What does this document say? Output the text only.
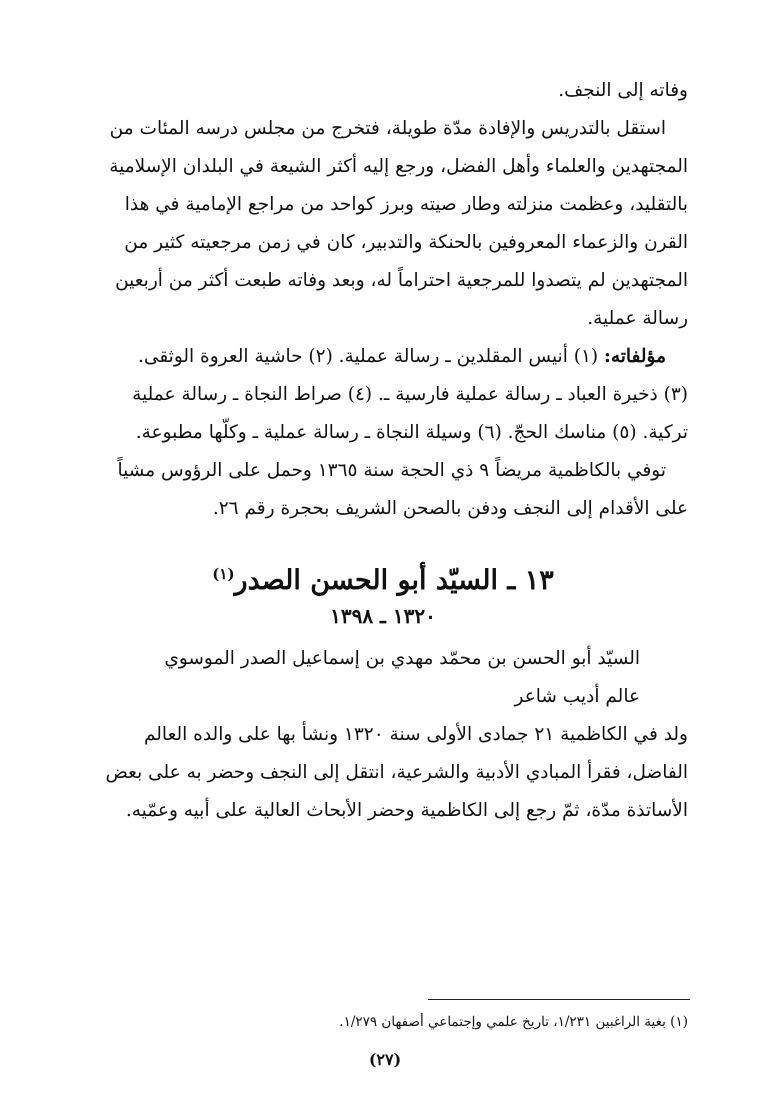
وفاته إلى النجف.
استقل بالتدريس والإفادة مدّة طويلة، فتخرج من مجلس درسه المئات من
المجتهدين والعلماء وأهل الفضل، ورجع إليه أكثر الشيعة في البلدان الإسلامية
بالتقليد، وعظمت منزلته وطار صيته وبرز كواحد من مراجع الإمامية في هذا
القرن والزعماء المعروفين بالحنكة والتدبير، كان في زمن مرجعيته كثير من
المجتهدين لم يتصدوا للمرجعية احتراماً له، وبعد وفاته طبعت أكثر من أربعين
رسالة عملية.
مؤلفاته: (١) أنيس المقلدين ـ رسالة عملية. (٢) حاشية العروة الوثقى.
(٣) ذخيرة العباد ـ رسالة عملية فارسية ـ. (٤) صراط النجاة ـ رسالة عملية
تركية. (٥) مناسك الحجّ. (٦) وسيلة النجاة ـ رسالة عملية ـ وكلّها مطبوعة.
توفي بالكاظمية مريضاً ٩ ذي الحجة سنة ١٣٦٥ وحمل على الرؤوس مشياً
على الأقدام إلى النجف ودفن بالصحن الشريف بحجرة رقم ٢٦.
١٣ ـ السيّد أبو الحسن الصدر$^{(١)}$
١٣٢٠ ـ ١٣٩٨
السيّد أبو الحسن بن محمّد مهدي بن إسماعيل الصدر الموسوي
عالم أديب شاعر
ولد في الكاظمية ٢١ جمادى الأولى سنة ١٣٢٠ ونشأ بها على والده العالم
الفاضل، فقرأ المبادي الأدبية والشرعية، انتقل إلى النجف وحضر به على بعض
الأساتذة مدّة، ثمّ رجع إلى الكاظمية وحضر الأبحاث العالية على أبيه وعمّيه.
(١) بغية الراغبين ١/٢٣١، تاريخ علمي وإجتماعي أصفهان ١/٢٧٩.
(٢٧)
